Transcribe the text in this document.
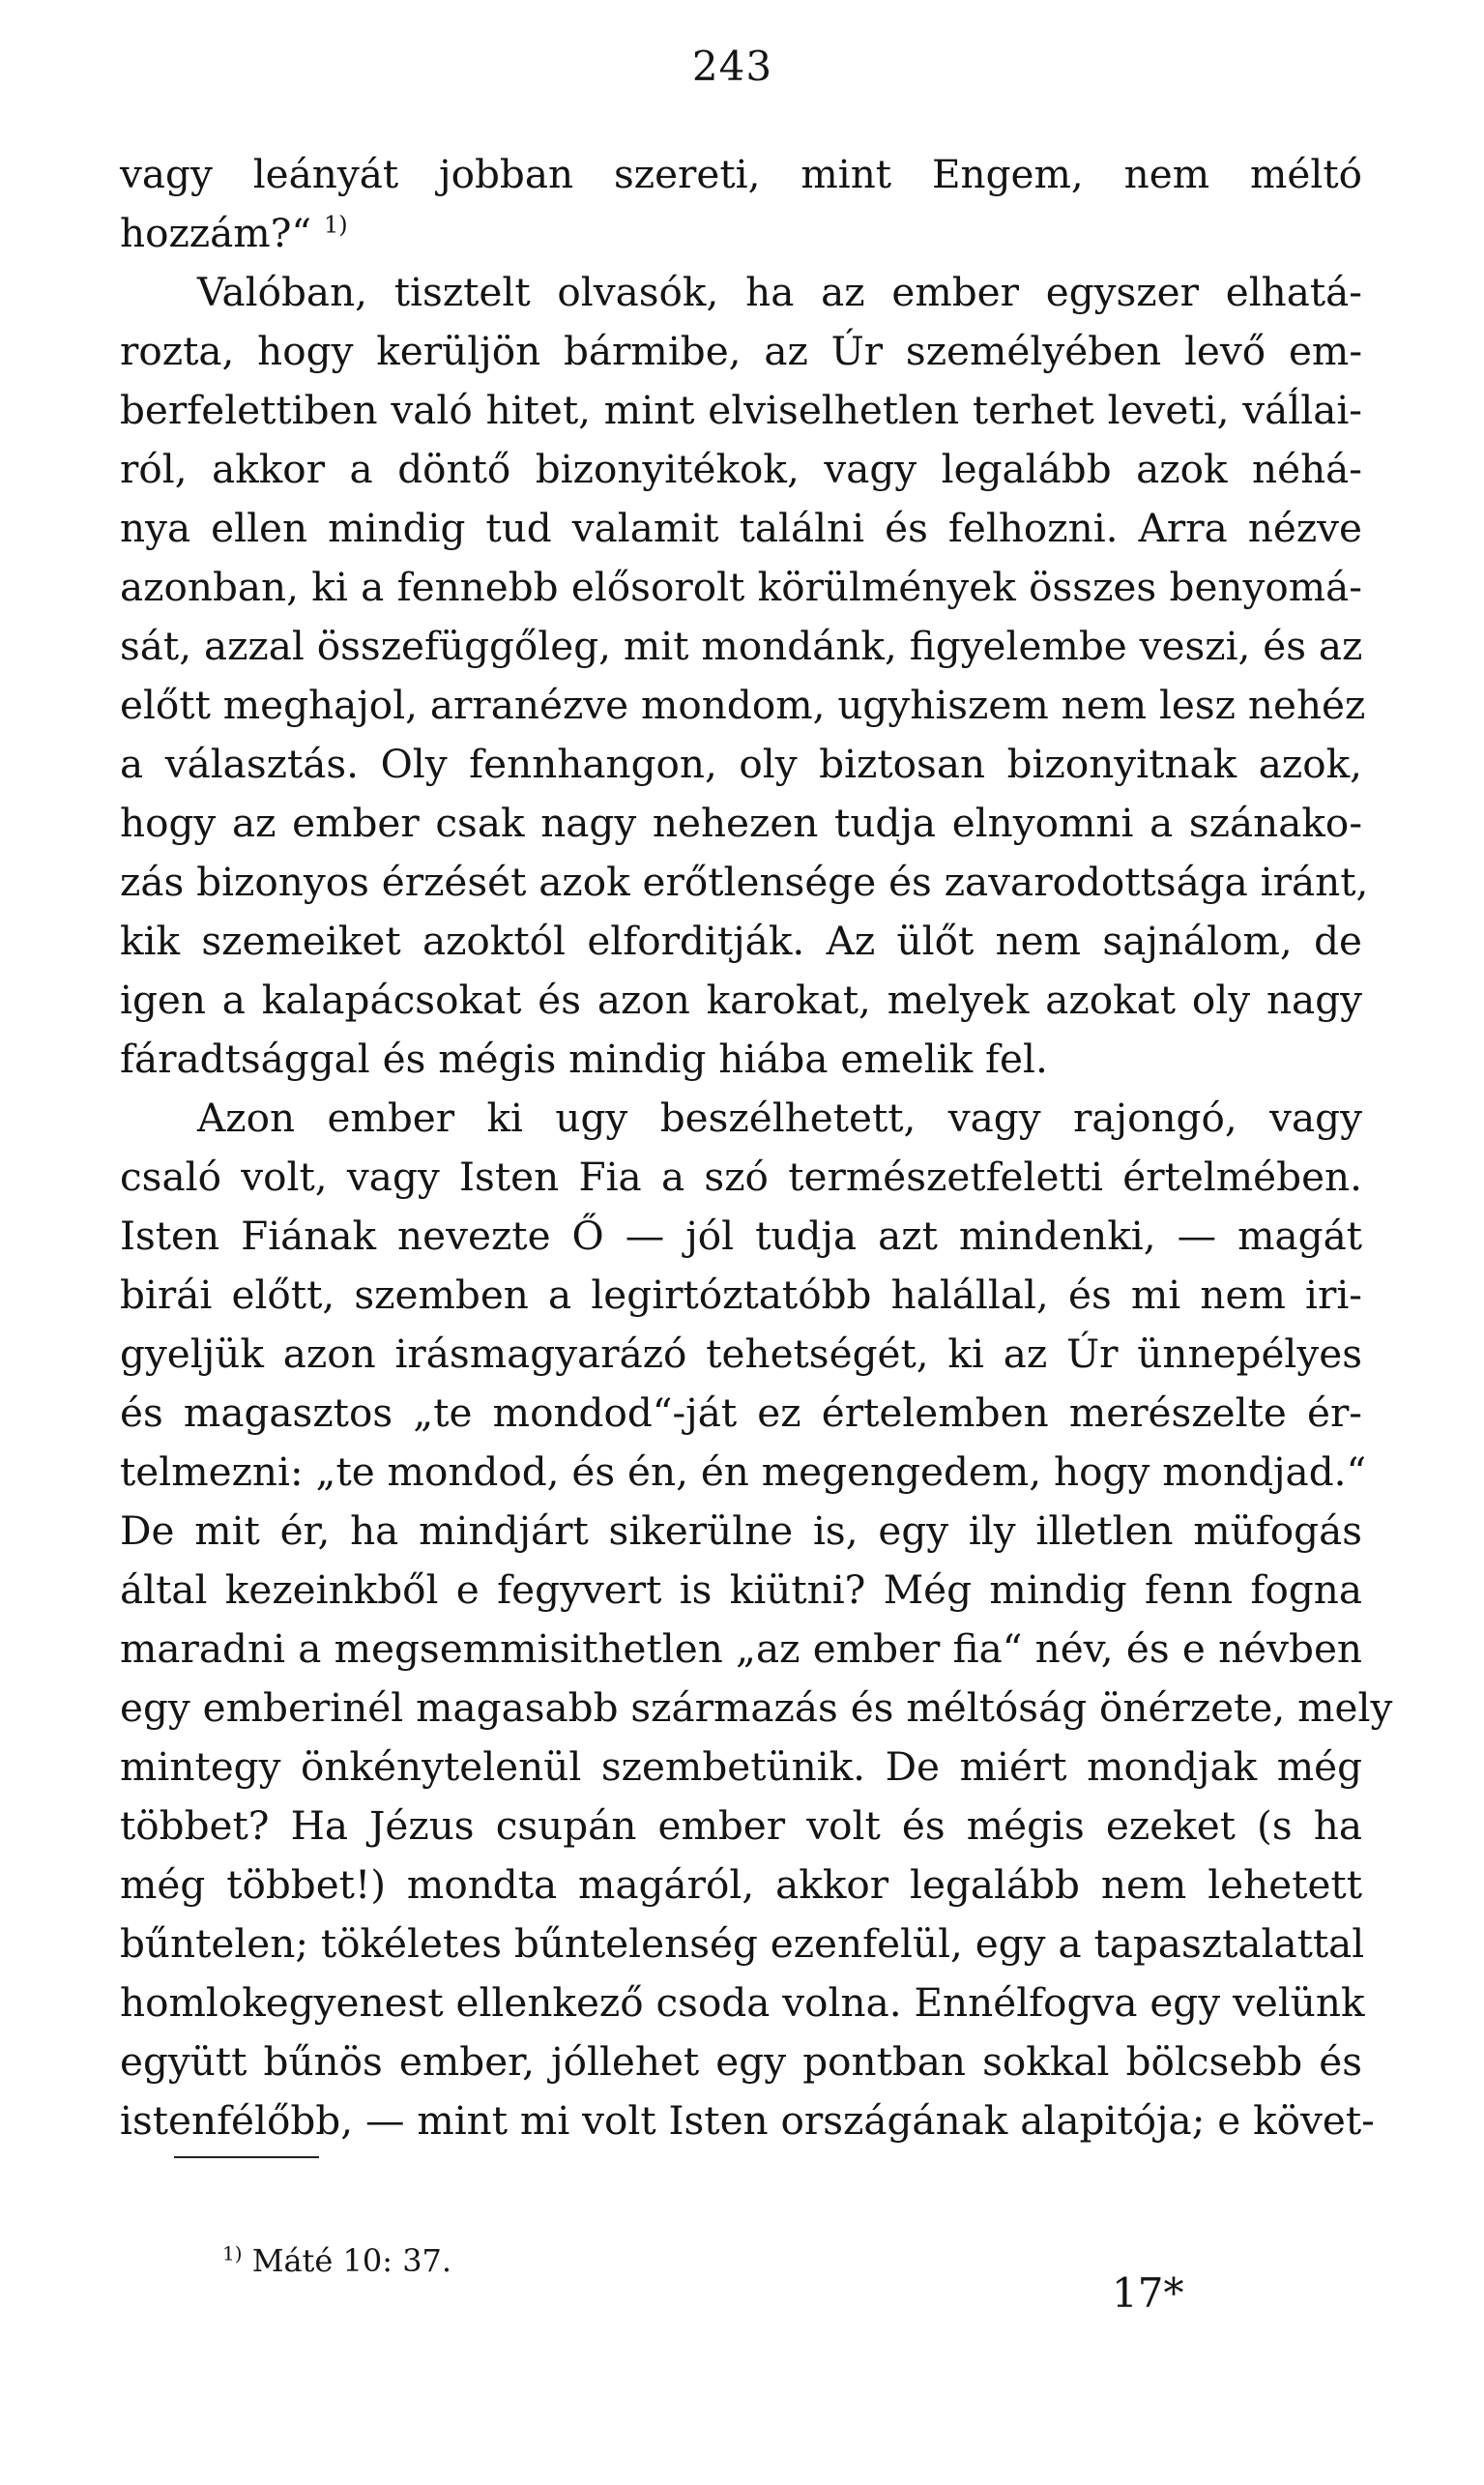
243
vagy leányát jobban szereti, mint Engem, nem méltó
hozzám?“ $^{1)}$
Valóban, tisztelt olvasók, ha az ember egyszer elhatá-
rozta, hogy kerüljön bármibe, az Úr személyében levő em-
berfelettiben való hitet, mint elviselhetlen terhet leveti, váĺlai-
ról, akkor a döntő bizonyitékok, vagy legalább azok néhá-
nya ellen mindig tud valamit találni és felhozni. Arra nézve
azonban, ki a fennebb elősorolt körülmények összes benyomá-
sát, azzal összefüggőleg, mit mondánk, figyelembe veszi, és az
előtt meghajol, arranézve mondom, ugyhiszem nem lesz nehéz
a választás. Oly fennhangon, oly biztosan bizonyitnak azok,
hogy az ember csak nagy nehezen tudja elnyomni a szánako-
zás bizonyos érzését azok erőtlensége és zavarodottsága iránt,
kik szemeiket azoktól elforditják. Az ülőt nem sajnálom, de
igen a kalapácsokat és azon karokat, melyek azokat oly nagy
fáradtsággal és mégis mindig hiába emelik fel.
Azon ember ki ugy beszélhetett, vagy rajongó, vagy
csaló volt, vagy Isten Fia a szó természetfeletti értelmében.
Isten Fiának nevezte Ő — jól tudja azt mindenki, — magát
birái előtt, szemben a legirtóztatóbb halállal, és mi nem iri-
gyeljük azon irásmagyarázó tehetségét, ki az Úr ünnepélyes
és magasztos „te mondod“-ját ez értelemben merészelte ér-
telmezni: „te mondod, és én, én megengedem, hogy mondjad.“
De mit ér, ha mindjárt sikerülne is, egy ily illetlen müfogás
által kezeinkből e fegyvert is kiütni? Még mindig fenn fogna
maradni a megsemmisithetlen „az ember fia“ név, és e névben
egy emberinél magasabb származás és méltóság önérzete, mely
mintegy önkénytelenül szembetünik. De miért mondjak még
többet? Ha Jézus csupán ember volt és mégis ezeket (s ha
még többet!) mondta magáról, akkor legalább nem lehetett
bűntelen; tökéletes bűntelenség ezenfelül, egy a tapasztalattal
homlokegyenest ellenkező csoda volna. Ennélfogva egy velünk
együtt bűnös ember, jóllehet egy pontban sokkal bölcsebb és
istenfélőbb, — mint mi volt Isten országának alapitója; e követ-
$^{1)}$ Máté 10: 37.
17*
